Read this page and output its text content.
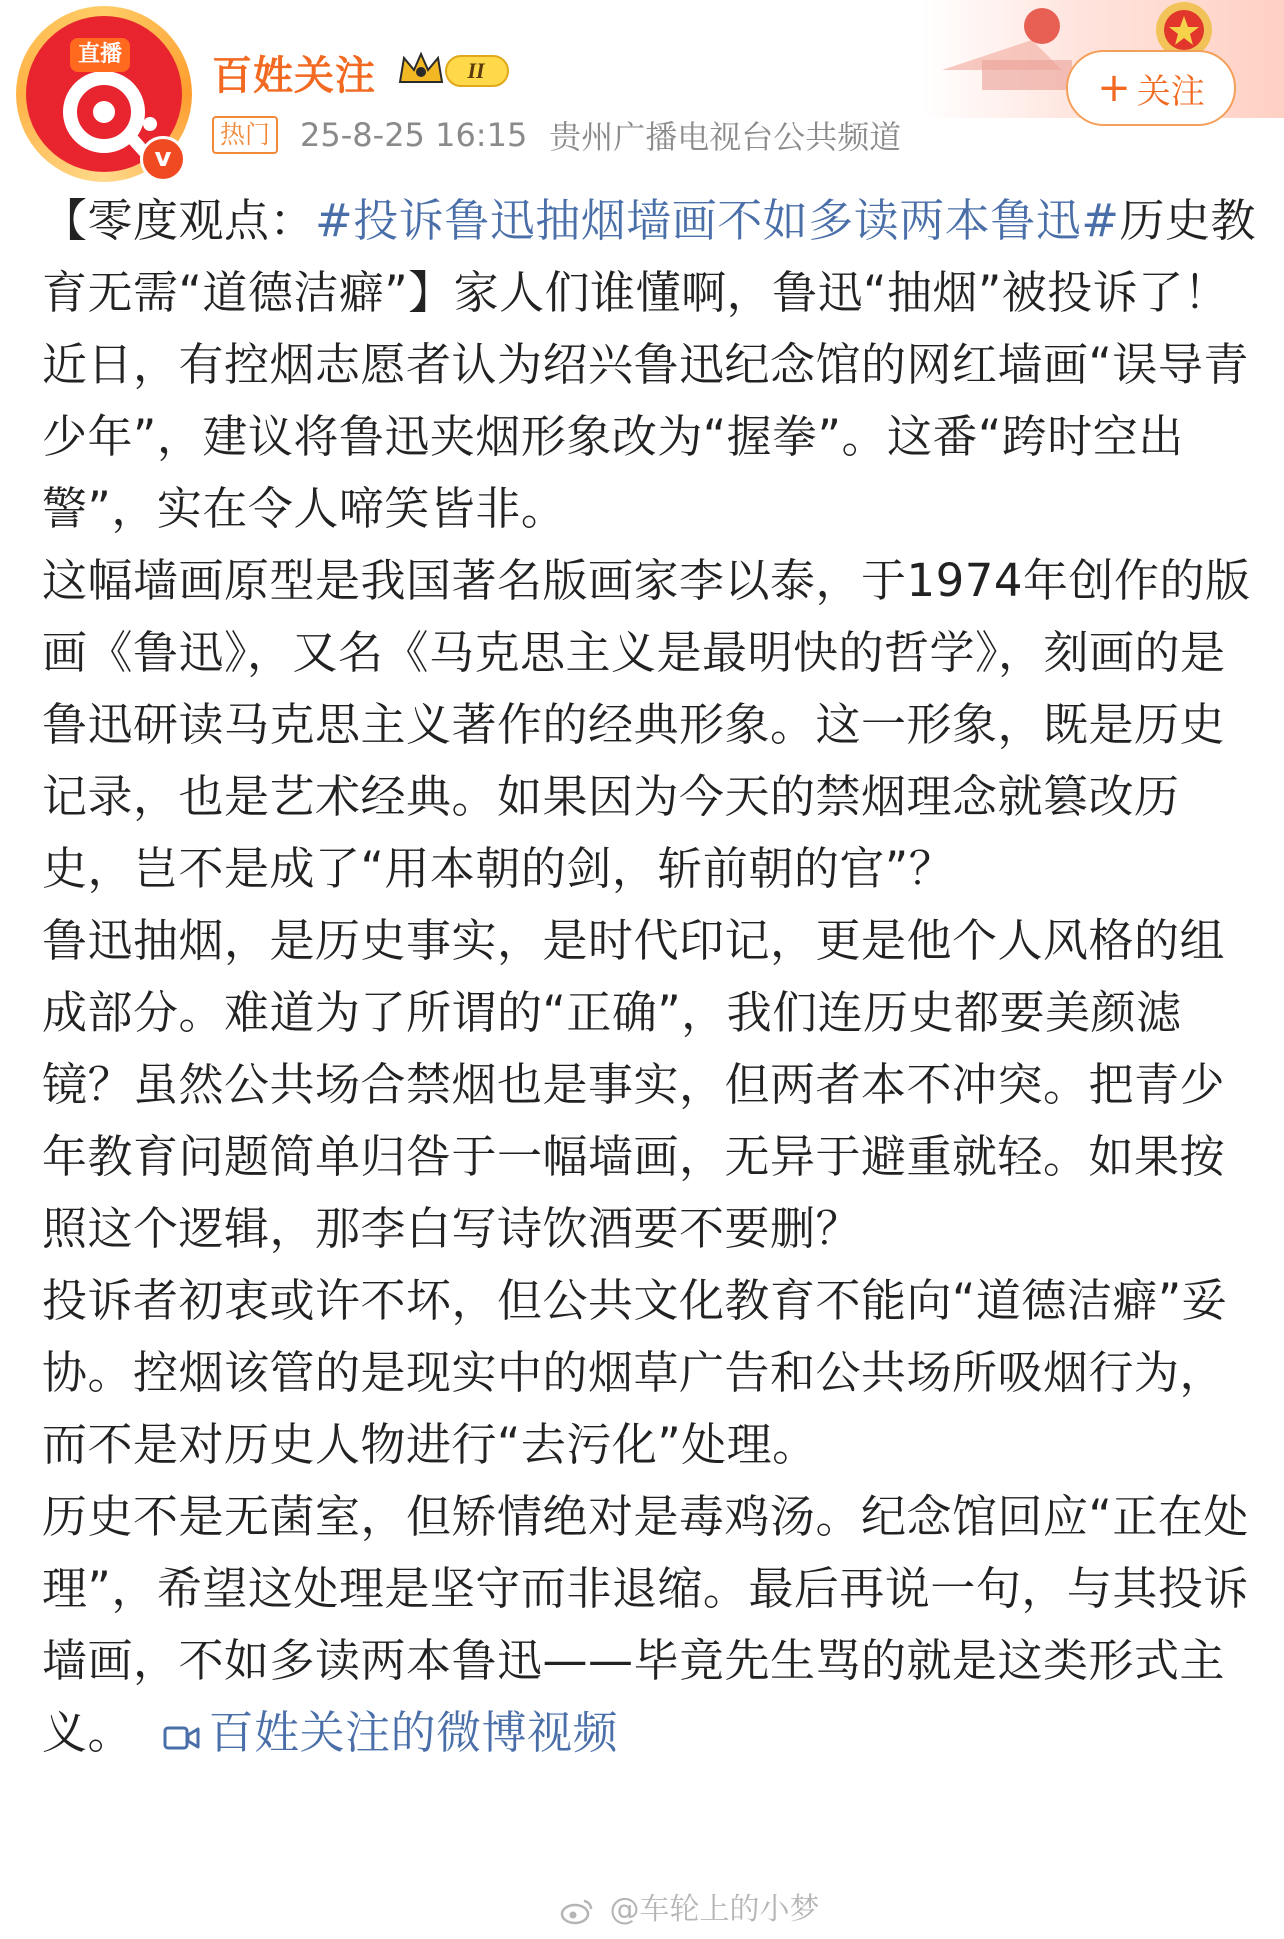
直播
v
百姓关注	II
热门 25-8-25 16:15 贵州广播电视台公共频道
+ 关注

【零度观点：#投诉鲁迅抽烟墙画不如多读两本鲁迅#历史教育无需“道德洁癖”】家人们谁懂啊，鲁迅“抽烟”被投诉了！近日，有控烟志愿者认为绍兴鲁迅纪念馆的网红墙画“误导青少年”，建议将鲁迅夹烟形象改为“握拳”。这番“跨时空出警”，实在令人啼笑皆非。

这幅墙画原型是我国著名版画家李以泰，于1974年创作的版画《鲁迅》，又名《马克思主义是最明快的哲学》，刻画的是鲁迅研读马克思主义著作的经典形象。这一形象，既是历史记录，也是艺术经典。如果因为今天的禁烟理念就篡改历史，岂不是成了“用本朝的剑，斩前朝的官”？

鲁迅抽烟，是历史事实，是时代印记，更是他个人风格的组成部分。难道为了所谓的“正确”，我们连历史都要美颜滤镜？虽然公共场合禁烟也是事实，但两者本不冲突。把青少年教育问题简单归咎于一幅墙画，无异于避重就轻。如果按照这个逻辑，那李白写诗饮酒要不要删？

投诉者初衷或许不坏，但公共文化教育不能向“道德洁癖”妥协。控烟该管的是现实中的烟草广告和公共场所吸烟行为，而不是对历史人物进行“去污化”处理。

历史不是无菌室，但矫情绝对是毒鸡汤。纪念馆回应“正在处理”，希望这处理是坚守而非退缩。最后再说一句，与其投诉墙画，不如多读两本鲁迅——毕竟先生骂的就是这类形式主义。 百姓关注的微博视频

@车轮上的小梦
